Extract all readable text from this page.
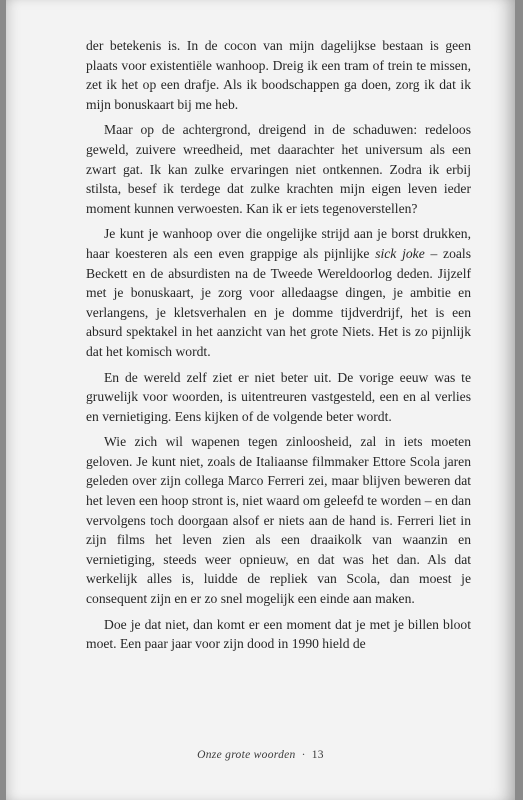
der betekenis is. In de cocon van mijn dagelijkse bestaan is geen plaats voor existentiële wanhoop. Dreig ik een tram of trein te missen, zet ik het op een drafje. Als ik boodschappen ga doen, zorg ik dat ik mijn bonuskaart bij me heb.

Maar op de achtergrond, dreigend in de schaduwen: redeloos geweld, zuivere wreedheid, met daarachter het universum als een zwart gat. Ik kan zulke ervaringen niet ontkennen. Zodra ik erbij stilsta, besef ik terdege dat zulke krachten mijn eigen leven ieder moment kunnen verwoesten. Kan ik er iets tegenoverstellen?

Je kunt je wanhoop over die ongelijke strijd aan je borst drukken, haar koesteren als een even grappige als pijnlijke sick joke – zoals Beckett en de absurdisten na de Tweede Wereldoorlog deden. Jijzelf met je bonuskaart, je zorg voor alledaagse dingen, je ambitie en verlangens, je kletsverhalen en je domme tijdverdrijf, het is een absurd spektakel in het aanzicht van het grote Niets. Het is zo pijnlijk dat het komisch wordt.

En de wereld zelf ziet er niet beter uit. De vorige eeuw was te gruwelijk voor woorden, is uitentreuren vastgesteld, een en al verlies en vernietiging. Eens kijken of de volgende beter wordt.

Wie zich wil wapenen tegen zinloosheid, zal in iets moeten geloven. Je kunt niet, zoals de Italiaanse filmmaker Ettore Scola jaren geleden over zijn collega Marco Ferreri zei, maar blijven beweren dat het leven een hoop stront is, niet waard om geleefd te worden – en dan vervolgens toch doorgaan alsof er niets aan de hand is. Ferreri liet in zijn films het leven zien als een draaikolk van waanzin en vernietiging, steeds weer opnieuw, en dat was het dan. Als dat werkelijk alles is, luidde de repliek van Scola, dan moest je consequent zijn en er zo snel mogelijk een einde aan maken.

Doe je dat niet, dan komt er een moment dat je met je billen bloot moet. Een paar jaar voor zijn dood in 1990 hield de

Onze grote woorden · 13
